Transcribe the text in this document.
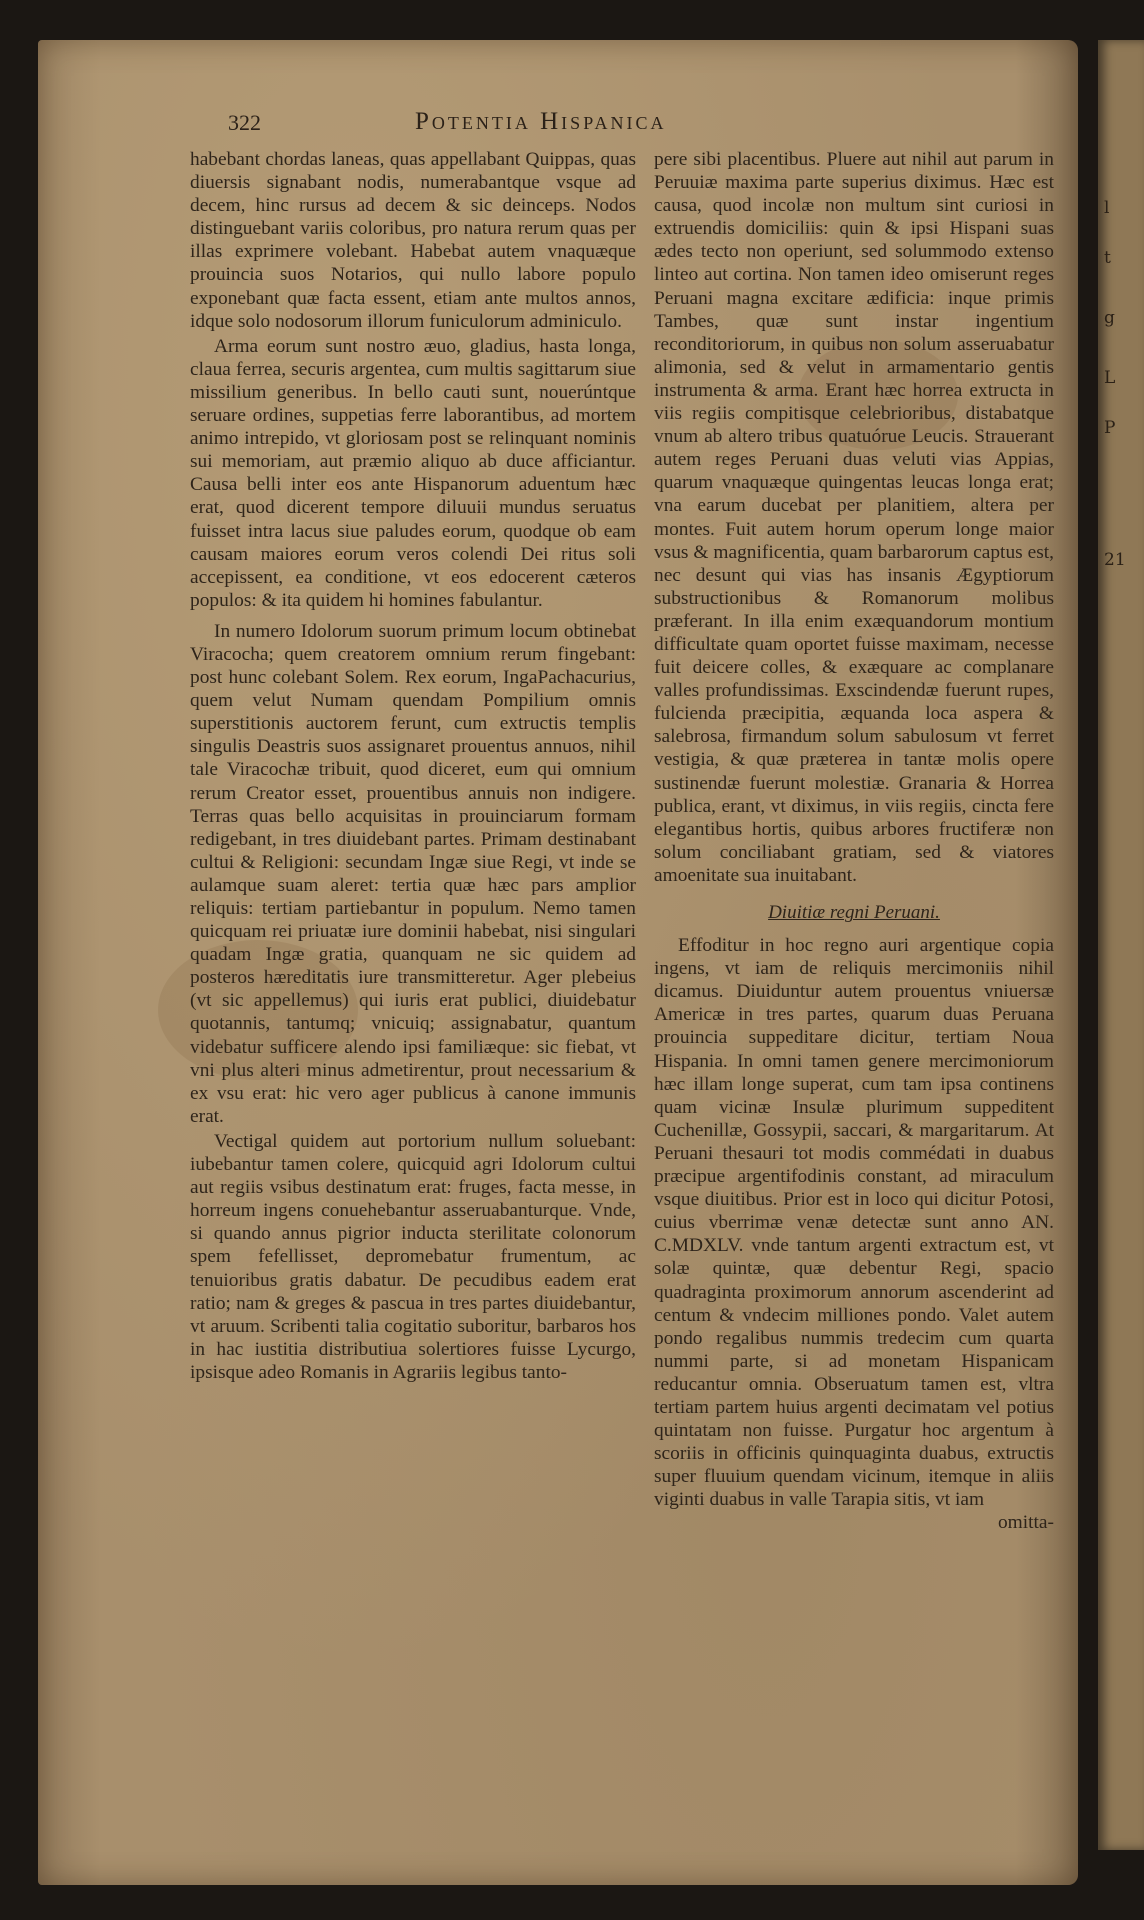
l
t
g
L
P
21
322	Potentia Hispanica

habebant chordas laneas, quas appellabant Quippas, quas diuersis signabant nodis, numerabantque vsque ad decem, hinc rursus ad decem & sic deinceps. Nodos distinguebant variis coloribus, pro natura rerum quas per illas exprimere volebant. Habebat autem vnaquæque prouincia suos Notarios, qui nullo labore populo exponebant quæ facta essent, etiam ante multos annos, idque solo nodosorum illorum funiculorum adminiculo.

Arma eorum sunt nostro æuo, gladius, hasta longa, claua ferrea, securis argentea, cum multis sagittarum siue missilium generibus. In bello cauti sunt, nouerúntque seruare ordines, suppetias ferre laborantibus, ad mortem animo intrepido, vt gloriosam post se relinquant nominis sui memoriam, aut præmio aliquo ab duce afficiantur. Causa belli inter eos ante Hispanorum aduentum hæc erat, quod dicerent tempore diluuii mundus seruatus fuisset intra lacus siue paludes eorum, quodque ob eam causam maiores eorum veros colendi Dei ritus soli accepissent, ea conditione, vt eos edocerent cæteros populos: & ita quidem hi homines fabulantur.

In numero Idolorum suorum primum locum obtinebat Viracocha; quem creatorem omnium rerum fingebant: post hunc colebant Solem. Rex eorum, IngaPachacurius, quem velut Numam quendam Pompilium omnis superstitionis auctorem ferunt, cum extructis templis singulis Deastris suos assignaret prouentus annuos, nihil tale Viracochæ tribuit, quod diceret, eum qui omnium rerum Creator esset, prouentibus annuis non indigere. Terras quas bello acquisitas in prouinciarum formam redigebant, in tres diuidebant partes. Primam destinabant cultui & Religioni: secundam Ingæ siue Regi, vt inde se aulamque suam aleret: tertia quæ hæc pars amplior reliquis: tertiam partiebantur in populum. Nemo tamen quicquam rei priuatæ iure dominii habebat, nisi singulari quadam Ingæ gratia, quanquam ne sic quidem ad posteros hæreditatis iure transmitteretur. Ager plebeius (vt sic appellemus) qui iuris erat publici, diuidebatur quotannis, tantumq; vnicuiq; assignabatur, quantum videbatur sufficere alendo ipsi familiæque: sic fiebat, vt vni plus alteri minus admetirentur, prout necessarium & ex vsu erat: hic vero ager publicus à canone immunis erat.

Vectigal quidem aut portorium nullum soluebant: iubebantur tamen colere, quicquid agri Idolorum cultui aut regiis vsibus destinatum erat: fruges, facta messe, in horreum ingens conuehebantur asseruabanturque. Vnde, si quando annus pigrior inducta sterilitate colonorum spem fefellisset, depromebatur frumentum, ac tenuioribus gratis dabatur. De pecudibus eadem erat ratio; nam & greges & pascua in tres partes diuidebantur, vt aruum. Scribenti talia cogitatio suboritur, barbaros hos in hac iustitia distributiua solertiores fuisse Lycurgo, ipsisque adeo Romanis in Agrariis legibus tanto-

pere sibi placentibus. Pluere aut nihil aut parum in Peruuiæ maxima parte superius diximus. Hæc est causa, quod incolæ non multum sint curiosi in extruendis domiciliis: quin & ipsi Hispani suas ædes tecto non operiunt, sed solummodo extenso linteo aut cortina. Non tamen ideo omiserunt reges Peruani magna excitare ædificia: inque primis Tambes, quæ sunt instar ingentium reconditoriorum, in quibus non solum asseruabatur alimonia, sed & velut in armamentario gentis instrumenta & arma. Erant hæc horrea extructa in viis regiis compitisque celebrioribus, distabatque vnum ab altero tribus quatuórue Leucis. Strauerant autem reges Peruani duas veluti vias Appias, quarum vnaquæque quingentas leucas longa erat; vna earum ducebat per planitiem, altera per montes. Fuit autem horum operum longe maior vsus & magnificentia, quam barbarorum captus est, nec desunt qui vias has insanis Ægyptiorum substructionibus & Romanorum molibus præferant. In illa enim exæquandorum montium difficultate quam oportet fuisse maximam, necesse fuit deicere colles, & exæquare ac complanare valles profundissimas. Exscindendæ fuerunt rupes, fulcienda præcipitia, æquanda loca aspera & salebrosa, firmandum solum sabulosum vt ferret vestigia, & quæ præterea in tantæ molis opere sustinendæ fuerunt molestiæ. Granaria & Horrea publica, erant, vt diximus, in viis regiis, cincta fere elegantibus hortis, quibus arbores fructiferæ non solum conciliabant gratiam, sed & viatores amoenitate sua inuitabant.

Diuitiæ regni Peruani.

Effoditur in hoc regno auri argentique copia ingens, vt iam de reliquis mercimoniis nihil dicamus. Diuiduntur autem prouentus vniuersæ Americæ in tres partes, quarum duas Peruana prouincia suppeditare dicitur, tertiam Noua Hispania. In omni tamen genere mercimoniorum hæc illam longe superat, cum tam ipsa continens quam vicinæ Insulæ plurimum suppeditent Cuchenillæ, Gossypii, saccari, & margaritarum. At Peruani thesauri tot modis commédati in duabus præcipue argentifodinis constant, ad miraculum vsque diuitibus. Prior est in loco qui dicitur Potosi, cuius vberrimæ venæ detectæ sunt anno AN. C.MDXLV. vnde tantum argenti extractum est, vt solæ quintæ, quæ debentur Regi, spacio quadraginta proximorum annorum ascenderint ad centum & vndecim milliones pondo. Valet autem pondo regalibus nummis tredecim cum quarta nummi parte, si ad monetam Hispanicam reducantur omnia. Obseruatum tamen est, vltra tertiam partem huius argenti decimatam vel potius quintatam non fuisse. Purgatur hoc argentum à scoriis in officinis quinquaginta duabus, extructis super fluuium quendam vicinum, itemque in aliis viginti duabus in valle Tarapia sitis, vt iam

omitta-
